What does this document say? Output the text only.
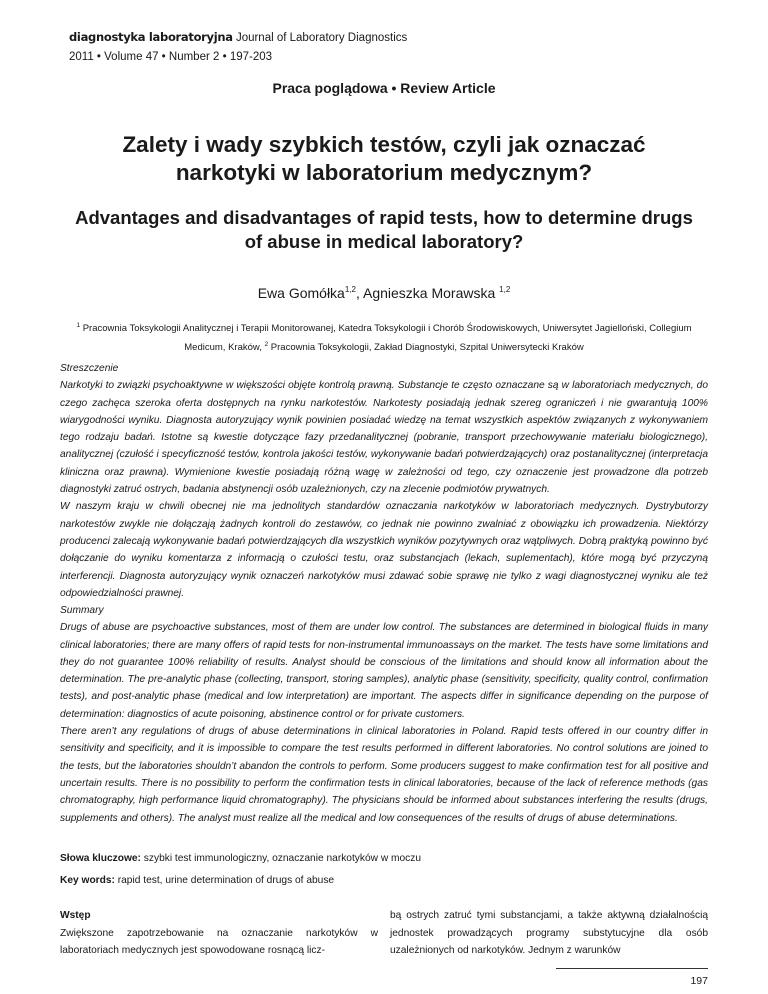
diagnostyka laboratoryjna Journal of Laboratory Diagnostics
2011 • Volume 47 • Number 2 • 197-203
Praca poglądowa • Review Article
Zalety i wady szybkich testów, czyli jak oznaczać narkotyki w laboratorium medycznym?
Advantages and disadvantages of rapid tests, how to determine drugs of abuse in medical laboratory?
Ewa Gomółka$^{1,2}$, Agnieszka Morawska $^{1,2}$
$^1$ Pracownia Toksykologii Analitycznej i Terapii Monitorowanej, Katedra Toksykologii i Chorób Środowiskowych, Uniwersytet Jagielloński, Collegium Medicum, Kraków, $^2$ Pracownia Toksykologii, Zakład Diagnostyki, Szpital Uniwersytecki Kraków

Streszczenie

Narkotyki to związki psychoaktywne w większości objęte kontrolą prawną. Substancje te często oznaczane są w laboratoriach medycznych, do czego zachęca szeroka oferta dostępnych na rynku narkotestów. Narkotesty posiadają jednak szereg ograniczeń i nie gwarantują 100% wiarygodności wyniku. Diagnosta autoryzujący wynik powinien posiadać wiedzę na temat wszystkich aspektów związanych z wykonywaniem tego rodzaju badań. Istotne są kwestie dotyczące fazy przedanalitycznej (pobranie, transport przechowywanie materiału biologicznego), analitycznej (czułość i specyficzność testów, kontrola jakości testów, wykonywanie badań potwierdzających) oraz postanalitycznej (interpretacja kliniczna oraz prawna). Wymienione kwestie posiadają różną wagę w zależności od tego, czy oznaczenie jest prowadzone dla potrzeb diagnostyki zatruć ostrych, badania abstynencji osób uzależnionych, czy na zlecenie podmiotów prywatnych.

W naszym kraju w chwili obecnej nie ma jednolitych standardów oznaczania narkotyków w laboratoriach medycznych. Dystrybutorzy narkotestów zwykle nie dołączają żadnych kontroli do zestawów, co jednak nie powinno zwalniać z obowiązku ich prowadzenia. Niektórzy producenci zalecają wykonywanie badań potwierdzających dla wszystkich wyników pozytywnych oraz wątpliwych. Dobrą praktyką powinno być dołączanie do wyniku komentarza z informacją o czułości testu, oraz substancjach (lekach, suplementach), które mogą być przyczyną interferencji. Diagnosta autoryzujący wynik oznaczeń narkotyków musi zdawać sobie sprawę nie tylko z wagi diagnostycznej wyniku ale też odpowiedzialności prawnej.

Summary

Drugs of abuse are psychoactive substances, most of them are under low control. The substances are determined in biological fluids in many clinical laboratories; there are many offers of rapid tests for non-instrumental immunoassays on the market. The tests have some limitations and they do not guarantee 100% reliability of results. Analyst should be conscious of the limitations and should know all information about the determination. The pre-analytic phase (collecting, transport, storing samples), analytic phase (sensitivity, specificity, quality control, confirmation tests), and post-analytic phase (medical and low interpretation) are important. The aspects differ in significance depending on the purpose of determination: diagnostics of acute poisoning, abstinence control or for private customers.

There aren’t any regulations of drugs of abuse determinations in clinical laboratories in Poland. Rapid tests offered in our country differ in sensitivity and specificity, and it is impossible to compare the test results performed in different laboratories. No control solutions are joined to the tests, but the laboratories shouldn’t abandon the controls to perform. Some producers suggest to make confirmation test for all positive and uncertain results. There is no possibility to perform the confirmation tests in clinical laboratories, because of the lack of reference methods (gas chromatography, high performance liquid chromatography). The physicians should be informed about substances interfering the results (drugs, supplements and others). The analyst must realize all the medical and low consequences of the results of drugs of abuse determinations.

Słowa kluczowe: szybki test immunologiczny, oznaczanie narkotyków w moczu
Key words: rapid test, urine determination of drugs of abuse
Wstęp

Zwiększone zapotrzebowanie na oznaczanie narkotyków w laboratoriach medycznych jest spowodowane rosnącą licz-

bą ostrych zatruć tymi substancjami, a także aktywną działalnością jednostek prowadzących programy substytucyjne dla osób uzależnionych od narkotyków. Jednym z warunków

197
